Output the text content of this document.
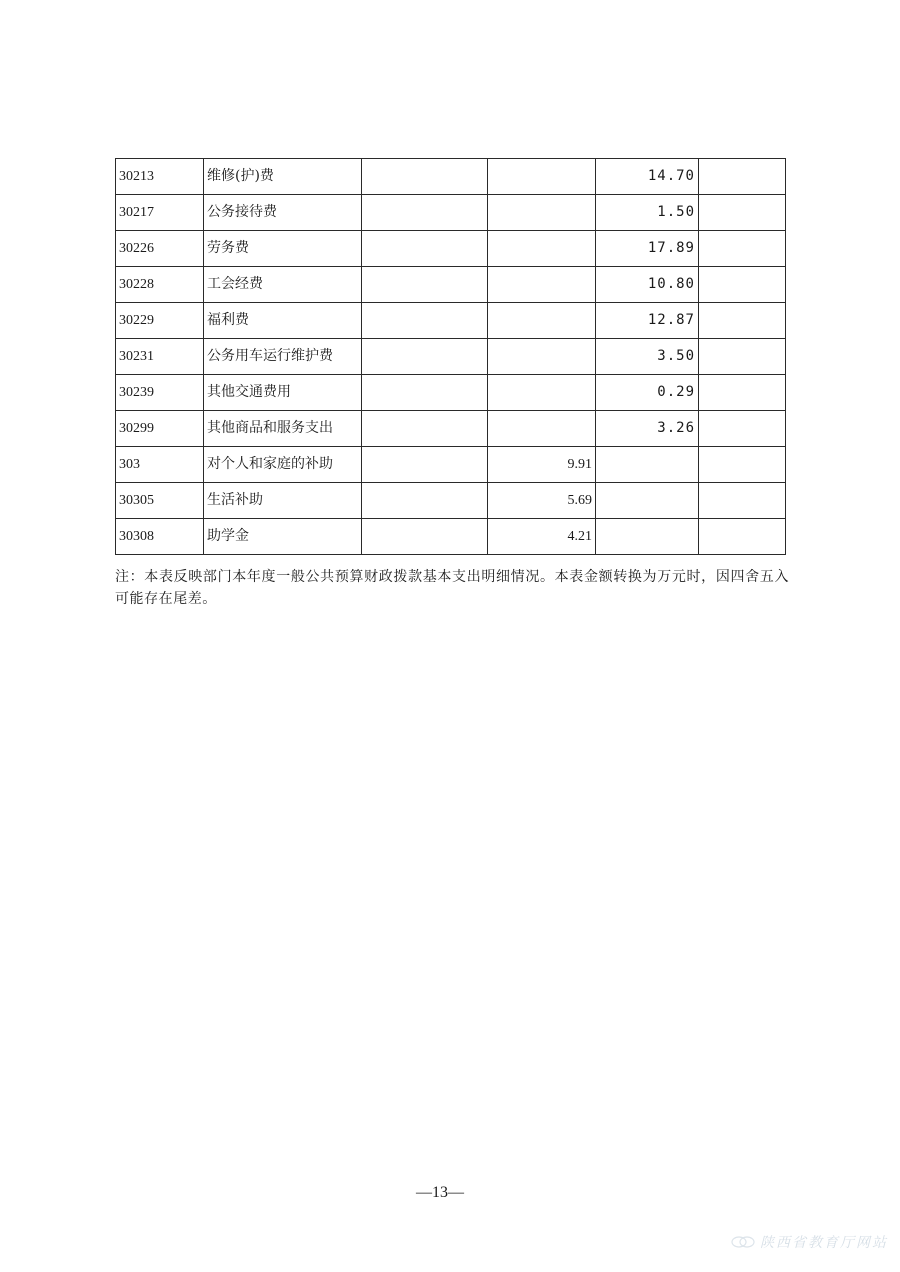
30213	维修(护)费			14.70	
30217	公务接待费			1.50	
30226	劳务费			17.89	
30228	工会经费			10.80	
30229	福利费			12.87	
30231	公务用车运行维护费			3.50	
30239	其他交通费用			0.29	
30299	其他商品和服务支出			3.26	
303	对个人和家庭的补助		9.91		
30305	生活补助		5.69		
30308	助学金		4.21		
注：本表反映部门本年度一般公共预算财政拨款基本支出明细情况。本表金额转换为万元时，因四舍五入可能存在尾差。
—13—
陕西省教育厅网站
